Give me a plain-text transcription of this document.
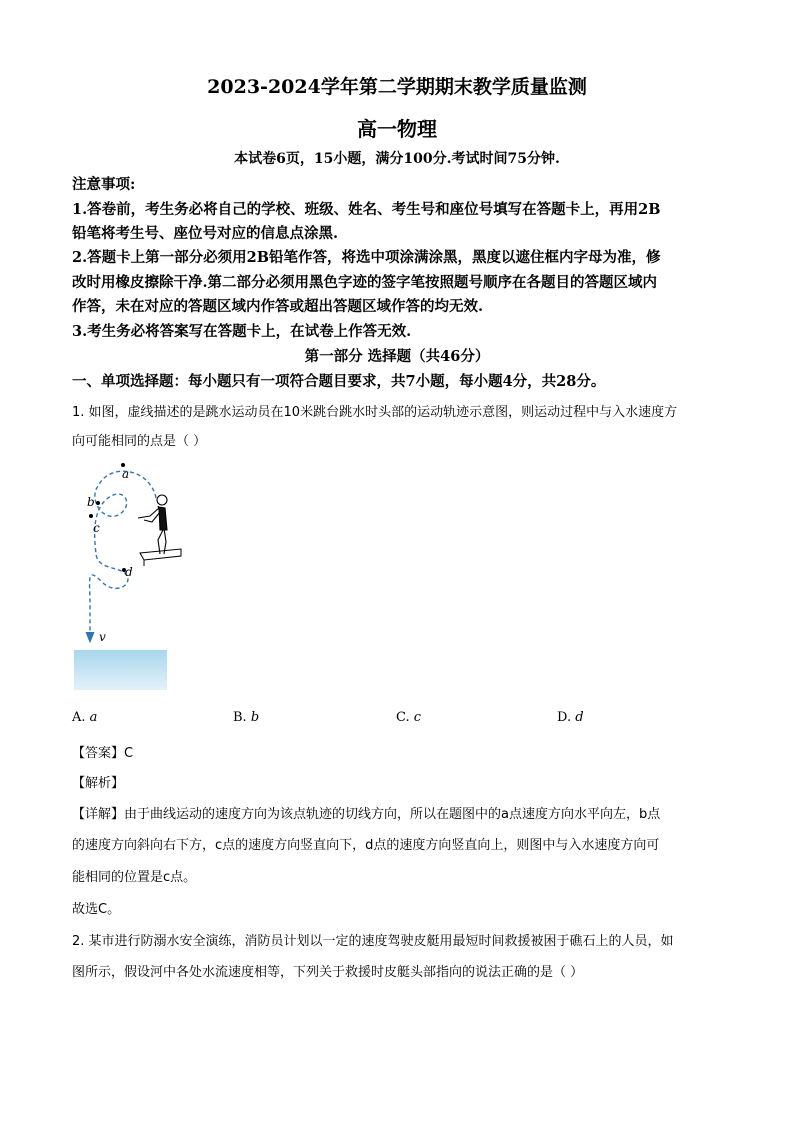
2023-2024学年第二学期期末教学质量监测
高一物理
本试卷6页，15小题，满分100分.考试时间75分钟.
注意事项:
1.答卷前，考生务必将自己的学校、班级、姓名、考生号和座位号填写在答题卡上，再用2B
铅笔将考生号、座位号对应的信息点涂黑.
2.答题卡上第一部分必须用2B铅笔作答，将选中项涂满涂黑，黑度以遮住框内字母为准，修
改时用橡皮擦除干净.第二部分必须用黑色字迹的签字笔按照题号顺序在各题目的答题区域内
作答，未在对应的答题区域内作答或超出答题区域作答的均无效.
3.考生务必将答案写在答题卡上，在试卷上作答无效.
第一部分 选择题（共46分）
一、单项选择题：每小题只有一项符合题目要求，共7小题，每小题4分，共28分。
1. 如图，虚线描述的是跳水运动员在10米跳台跳水时头部的运动轨迹示意图，则运动过程中与入水速度方
向可能相同的点是（ ）
a
b
c
d
v
A. a	B. b	C. c	D. d
【答案】C
【解析】
【详解】由于曲线运动的速度方向为该点轨迹的切线方向，所以在题图中的a点速度方向水平向左，b点
的速度方向斜向右下方，c点的速度方向竖直向下，d点的速度方向竖直向上，则图中与入水速度方向可
能相同的位置是c点。
故选C。
2. 某市进行防溺水安全演练，消防员计划以一定的速度驾驶皮艇用最短时间救援被困于礁石上的人员，如
图所示，假设河中各处水流速度相等，下列关于救援时皮艇头部指向的说法正确的是（ ）
